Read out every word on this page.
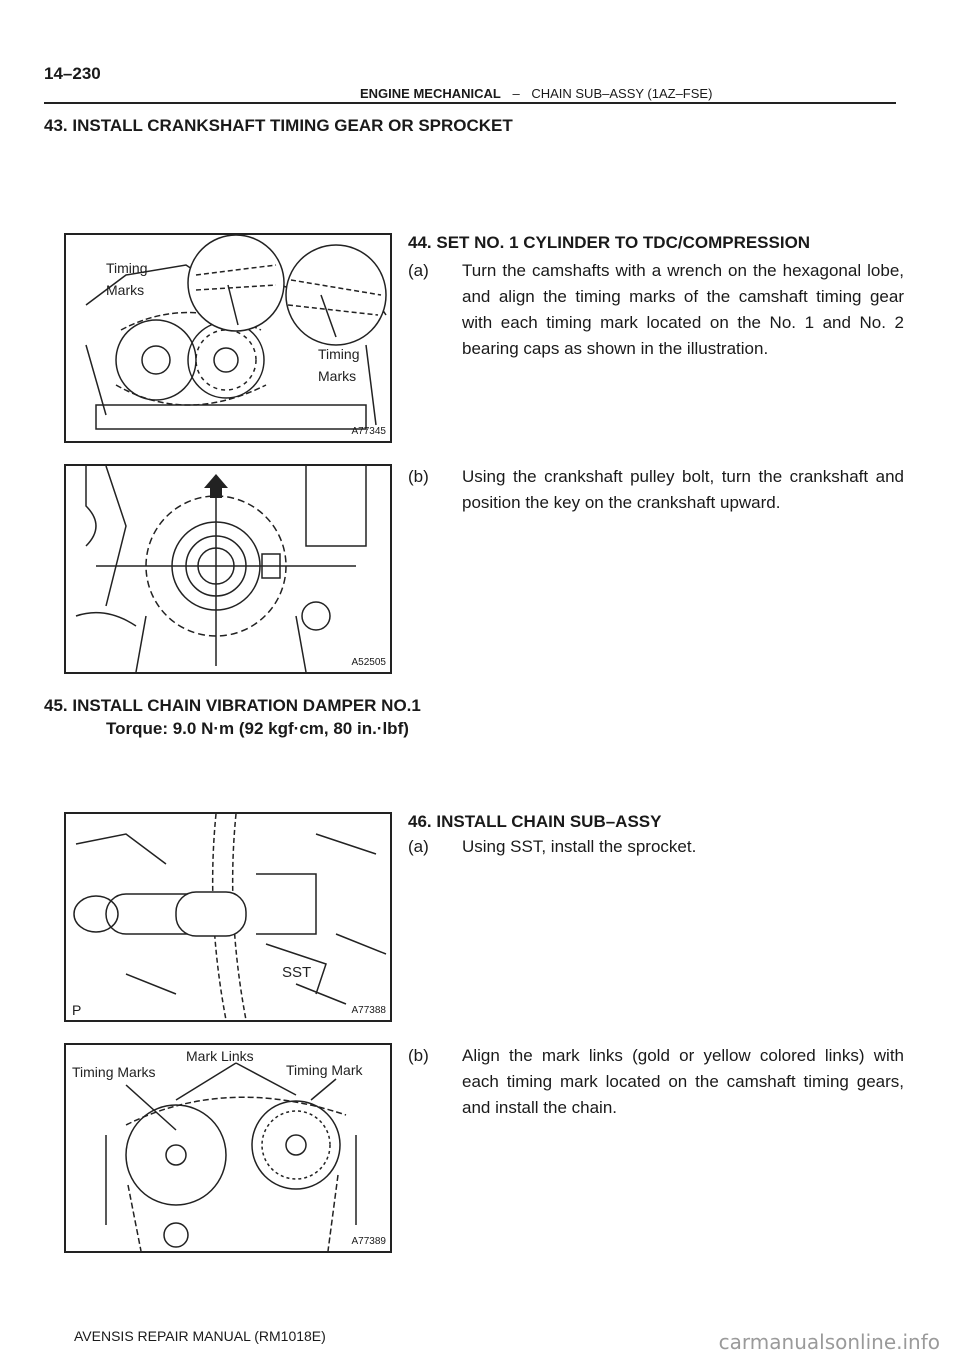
14–230
ENGINE MECHANICAL – CHAIN SUB–ASSY (1AZ–FSE)
43. INSTALL CRANKSHAFT TIMING GEAR OR SPROCKET
Timing
Marks
Timing
Marks
A77345
44. SET NO. 1 CYLINDER TO TDC/COMPRESSION
(a) Turn the camshafts with a wrench on the hexagonal lobe, and align the timing marks of the camshaft timing gear with each timing mark located on the No. 1 and No. 2 bearing caps as shown in the illustration.
A52505
(b) Using the crankshaft pulley bolt, turn the crankshaft and position the key on the crankshaft upward.
45. INSTALL CHAIN VIBRATION DAMPER NO.1
Torque: 9.0 N·m (92 kgf·cm, 80 in.·lbf)
SST
P	A77388
46. INSTALL CHAIN SUB–ASSY
(a) Using SST, install the sprocket.
Timing Marks
Mark Links
Timing Mark
A77389
(b) Align the mark links (gold or yellow colored links) with each timing mark located on the camshaft timing gears, and install the chain.
AVENSIS REPAIR MANUAL (RM1018E)	carmanualsonline.info
